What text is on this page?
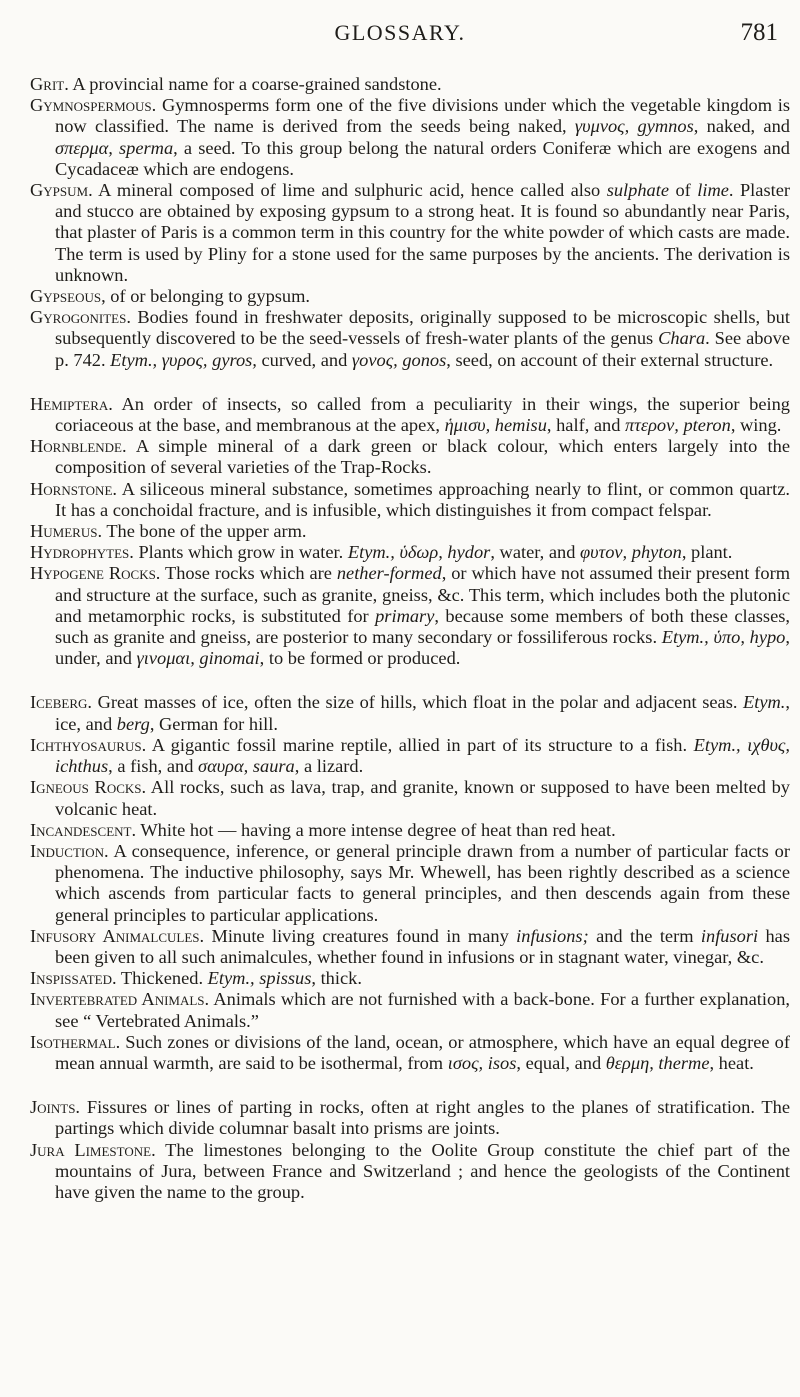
GLOSSARY.	781

Grit. A provincial name for a coarse-grained sandstone.

Gymnospermous. Gymnosperms form one of the five divisions under which the vegetable kingdom is now classified. The name is derived from the seeds being naked, γυμνος, gymnos, naked, and σπερμα, sperma, a seed. To this group belong the natural orders Coniferæ which are exogens and Cycadaceæ which are endogens.

Gypsum. A mineral composed of lime and sulphuric acid, hence called also sulphate of lime. Plaster and stucco are obtained by exposing gypsum to a strong heat. It is found so abundantly near Paris, that plaster of Paris is a common term in this country for the white powder of which casts are made. The term is used by Pliny for a stone used for the same purposes by the ancients. The derivation is unknown.

Gypseous, of or belonging to gypsum.

Gyrogonites. Bodies found in freshwater deposits, originally supposed to be microscopic shells, but subsequently discovered to be the seed-vessels of fresh-water plants of the genus Chara. See above p. 742. Etym., γυρος, gyros, curved, and γονος, gonos, seed, on account of their external structure.

Hemiptera. An order of insects, so called from a peculiarity in their wings, the superior being coriaceous at the base, and membranous at the apex, ἡμισυ, hemisu, half, and πτερον, pteron, wing.

Hornblende. A simple mineral of a dark green or black colour, which enters largely into the composition of several varieties of the Trap-Rocks.

Hornstone. A siliceous mineral substance, sometimes approaching nearly to flint, or common quartz. It has a conchoidal fracture, and is infusible, which distinguishes it from compact felspar.

Humerus. The bone of the upper arm.

Hydrophytes. Plants which grow in water. Etym., ὑδωρ, hydor, water, and φυτον, phyton, plant.

Hypogene Rocks. Those rocks which are nether-formed, or which have not assumed their present form and structure at the surface, such as granite, gneiss, &c. This term, which includes both the plutonic and metamorphic rocks, is substituted for primary, because some members of both these classes, such as granite and gneiss, are posterior to many secondary or fossiliferous rocks. Etym., ὑπο, hypo, under, and γινομαι, ginomai, to be formed or produced.

Iceberg. Great masses of ice, often the size of hills, which float in the polar and adjacent seas. Etym., ice, and berg, German for hill.

Ichthyosaurus. A gigantic fossil marine reptile, allied in part of its structure to a fish. Etym., ιχθυς, ichthus, a fish, and σαυρα, saura, a lizard.

Igneous Rocks. All rocks, such as lava, trap, and granite, known or supposed to have been melted by volcanic heat.

Incandescent. White hot — having a more intense degree of heat than red heat.

Induction. A consequence, inference, or general principle drawn from a number of particular facts or phenomena. The inductive philosophy, says Mr. Whewell, has been rightly described as a science which ascends from particular facts to general principles, and then descends again from these general principles to particular applications.

Infusory Animalcules. Minute living creatures found in many infusions; and the term infusori has been given to all such animalcules, whether found in infusions or in stagnant water, vinegar, &c.

Inspissated. Thickened. Etym., spissus, thick.

Invertebrated Animals. Animals which are not furnished with a back-bone. For a further explanation, see “ Vertebrated Animals.”

Isothermal. Such zones or divisions of the land, ocean, or atmosphere, which have an equal degree of mean annual warmth, are said to be isothermal, from ισος, isos, equal, and θερμη, therme, heat.

Joints. Fissures or lines of parting in rocks, often at right angles to the planes of stratification. The partings which divide columnar basalt into prisms are joints.

Jura Limestone. The limestones belonging to the Oolite Group constitute the chief part of the mountains of Jura, between France and Switzerland ; and hence the geologists of the Continent have given the name to the group.
